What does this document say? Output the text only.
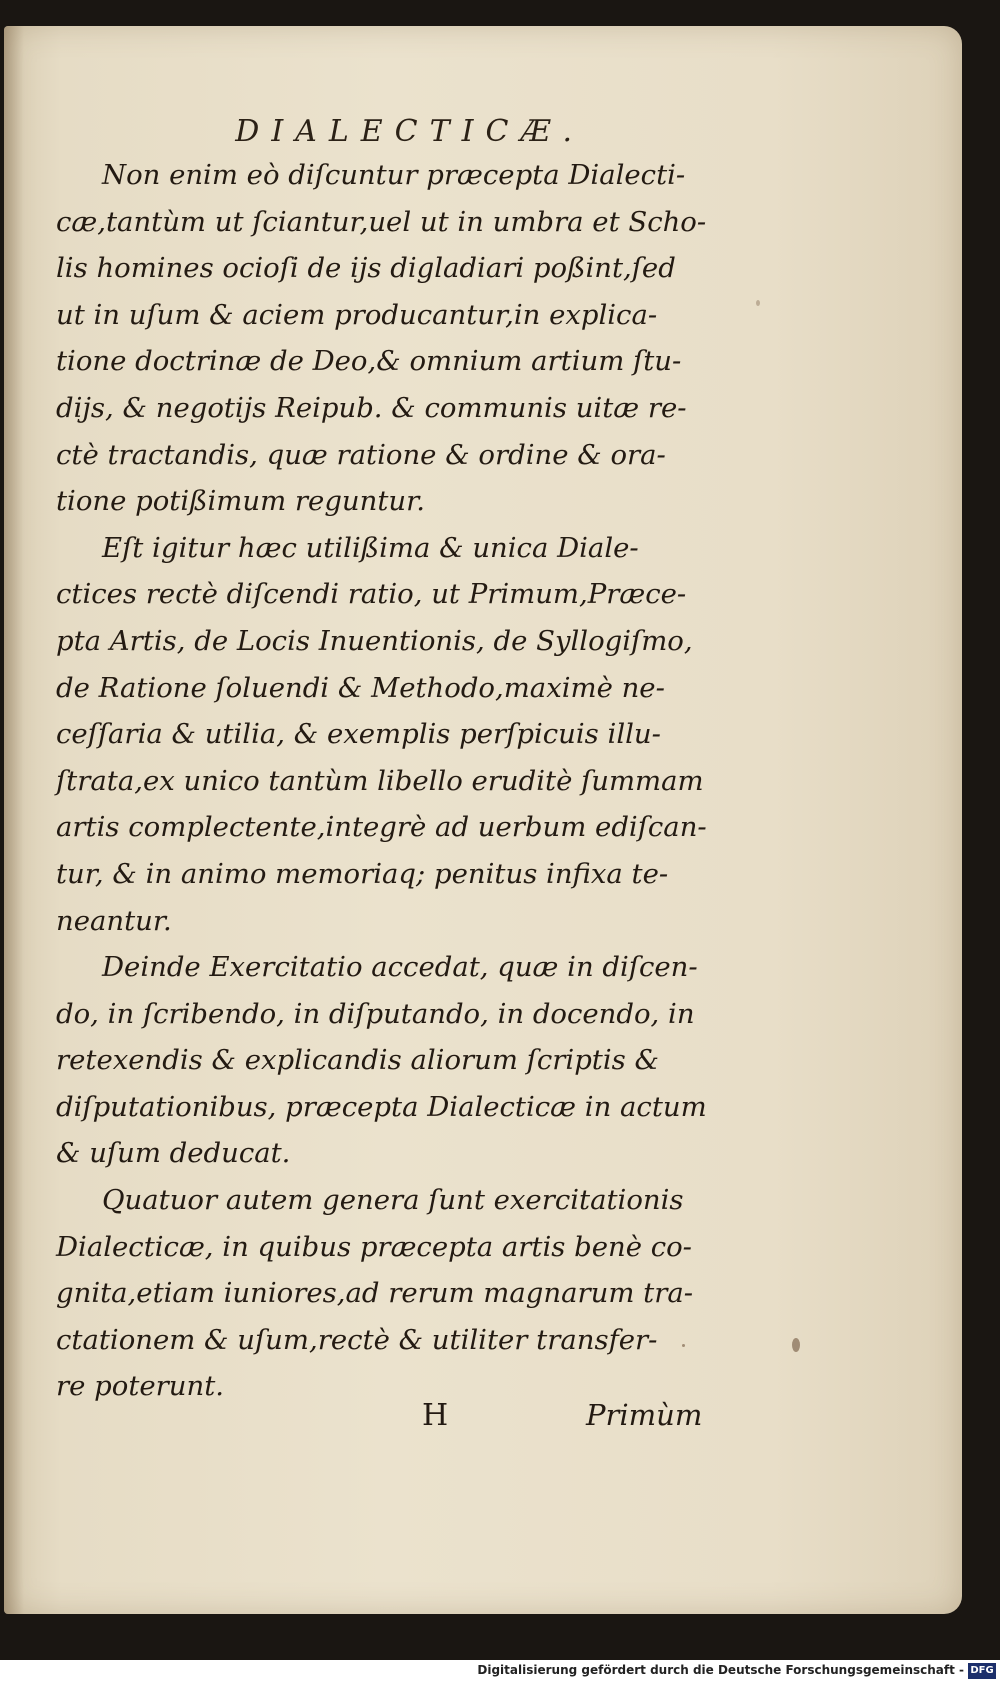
DIALECTICÆ.
Non enim eò diſcuntur præcepta Dialecti-
cæ,tantùm ut ſciantur,uel ut in umbra et Scho-
lis homines ocioſi de ijs digladiari poßint,ſed
ut in uſum & aciem producantur,in explica-
tione doctrinæ de Deo,& omnium artium ſtu-
dijs, & negotijs Reipub. & communis uitæ re-
ctè tractandis, quæ ratione & ordine & ora-
tione potißimum reguntur.
Eſt igitur hæc utilißima & unica Diale-
ctices rectè diſcendi ratio, ut Primum,Præce-
pta Artis, de Locis Inuentionis, de Syllogiſmo,
de Ratione ſoluendi & Methodo,maximè ne-
ceſſaria & utilia, & exemplis perſpicuis illu-
ſtrata,ex unico tantùm libello eruditè ſummam
artis complectente,integrè ad uerbum ediſcan-
tur, & in animo memoriaq; penitus infixa te-
neantur.
Deinde Exercitatio accedat, quæ in diſcen-
do, in ſcribendo, in diſputando, in docendo, in
retexendis & explicandis aliorum ſcriptis &
diſputationibus, præcepta Dialecticæ in actum
& uſum deducat.
Quatuor autem genera ſunt exercitationis
Dialecticæ, in quibus præcepta artis benè co-
gnita,etiam iuniores,ad rerum magnarum tra-
ctationem & uſum,rectè & utiliter transfer-
re poterunt.
H	Primùm
Digitalisierung gefördert durch die Deutsche Forschungsgemeinschaft - DFG
